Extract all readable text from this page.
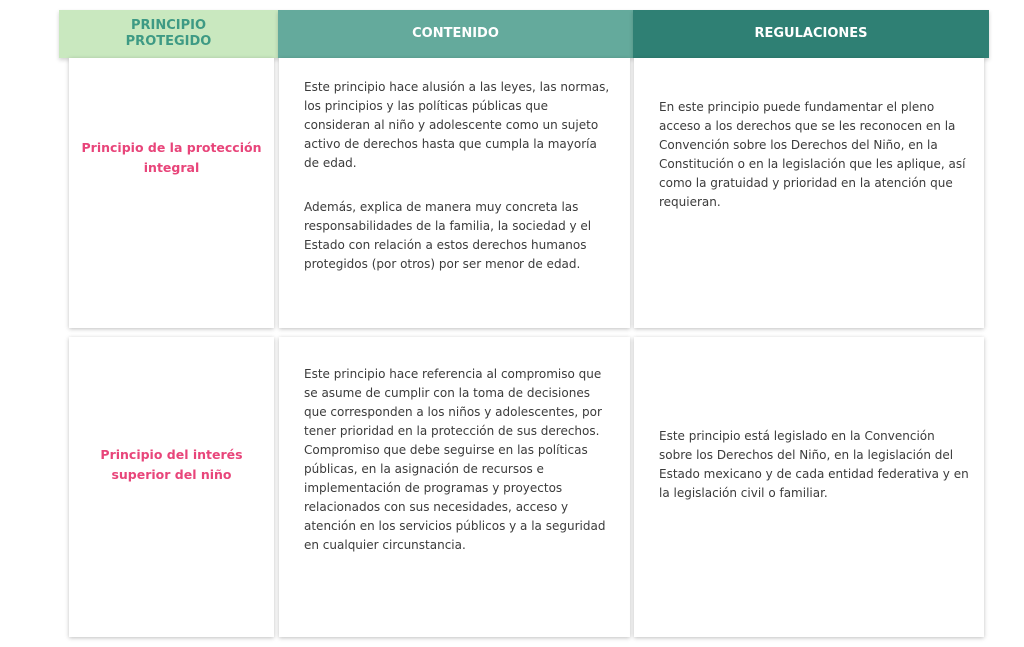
PRINCIPIO PROTEGIDO
CONTENIDO	REGULACIONES
Principio de la protección integral

Este principio hace alusión a las leyes, las normas, los principios y las políticas públicas que consideran al niño y adolescente como un sujeto activo de derechos hasta que cumpla la mayoría de edad.

Además, explica de manera muy concreta las responsabilidades de la familia, la sociedad y el Estado con relación a estos derechos humanos protegidos (por otros) por ser menor de edad.

En este principio puede fundamentar el pleno acceso a los derechos que se les reconocen en la Convención sobre los Derechos del Niño, en la Constitución o en la legislación que les aplique, así como la gratuidad y prioridad en la atención que requieran.

Principio del interés superior del niño

Este principio hace referencia al compromiso que se asume de cumplir con la toma de decisiones que corresponden a los niños y adolescentes, por tener prioridad en la protección de sus derechos. Compromiso que debe seguirse en las políticas públicas, en la asignación de recursos e implementación de programas y proyectos relacionados con sus necesidades, acceso y atención en los servicios públicos y a la seguridad en cualquier circunstancia.

Este principio está legislado en la Convención sobre los Derechos del Niño, en la legislación del Estado mexicano y de cada entidad federativa y en la legislación civil o familiar.
